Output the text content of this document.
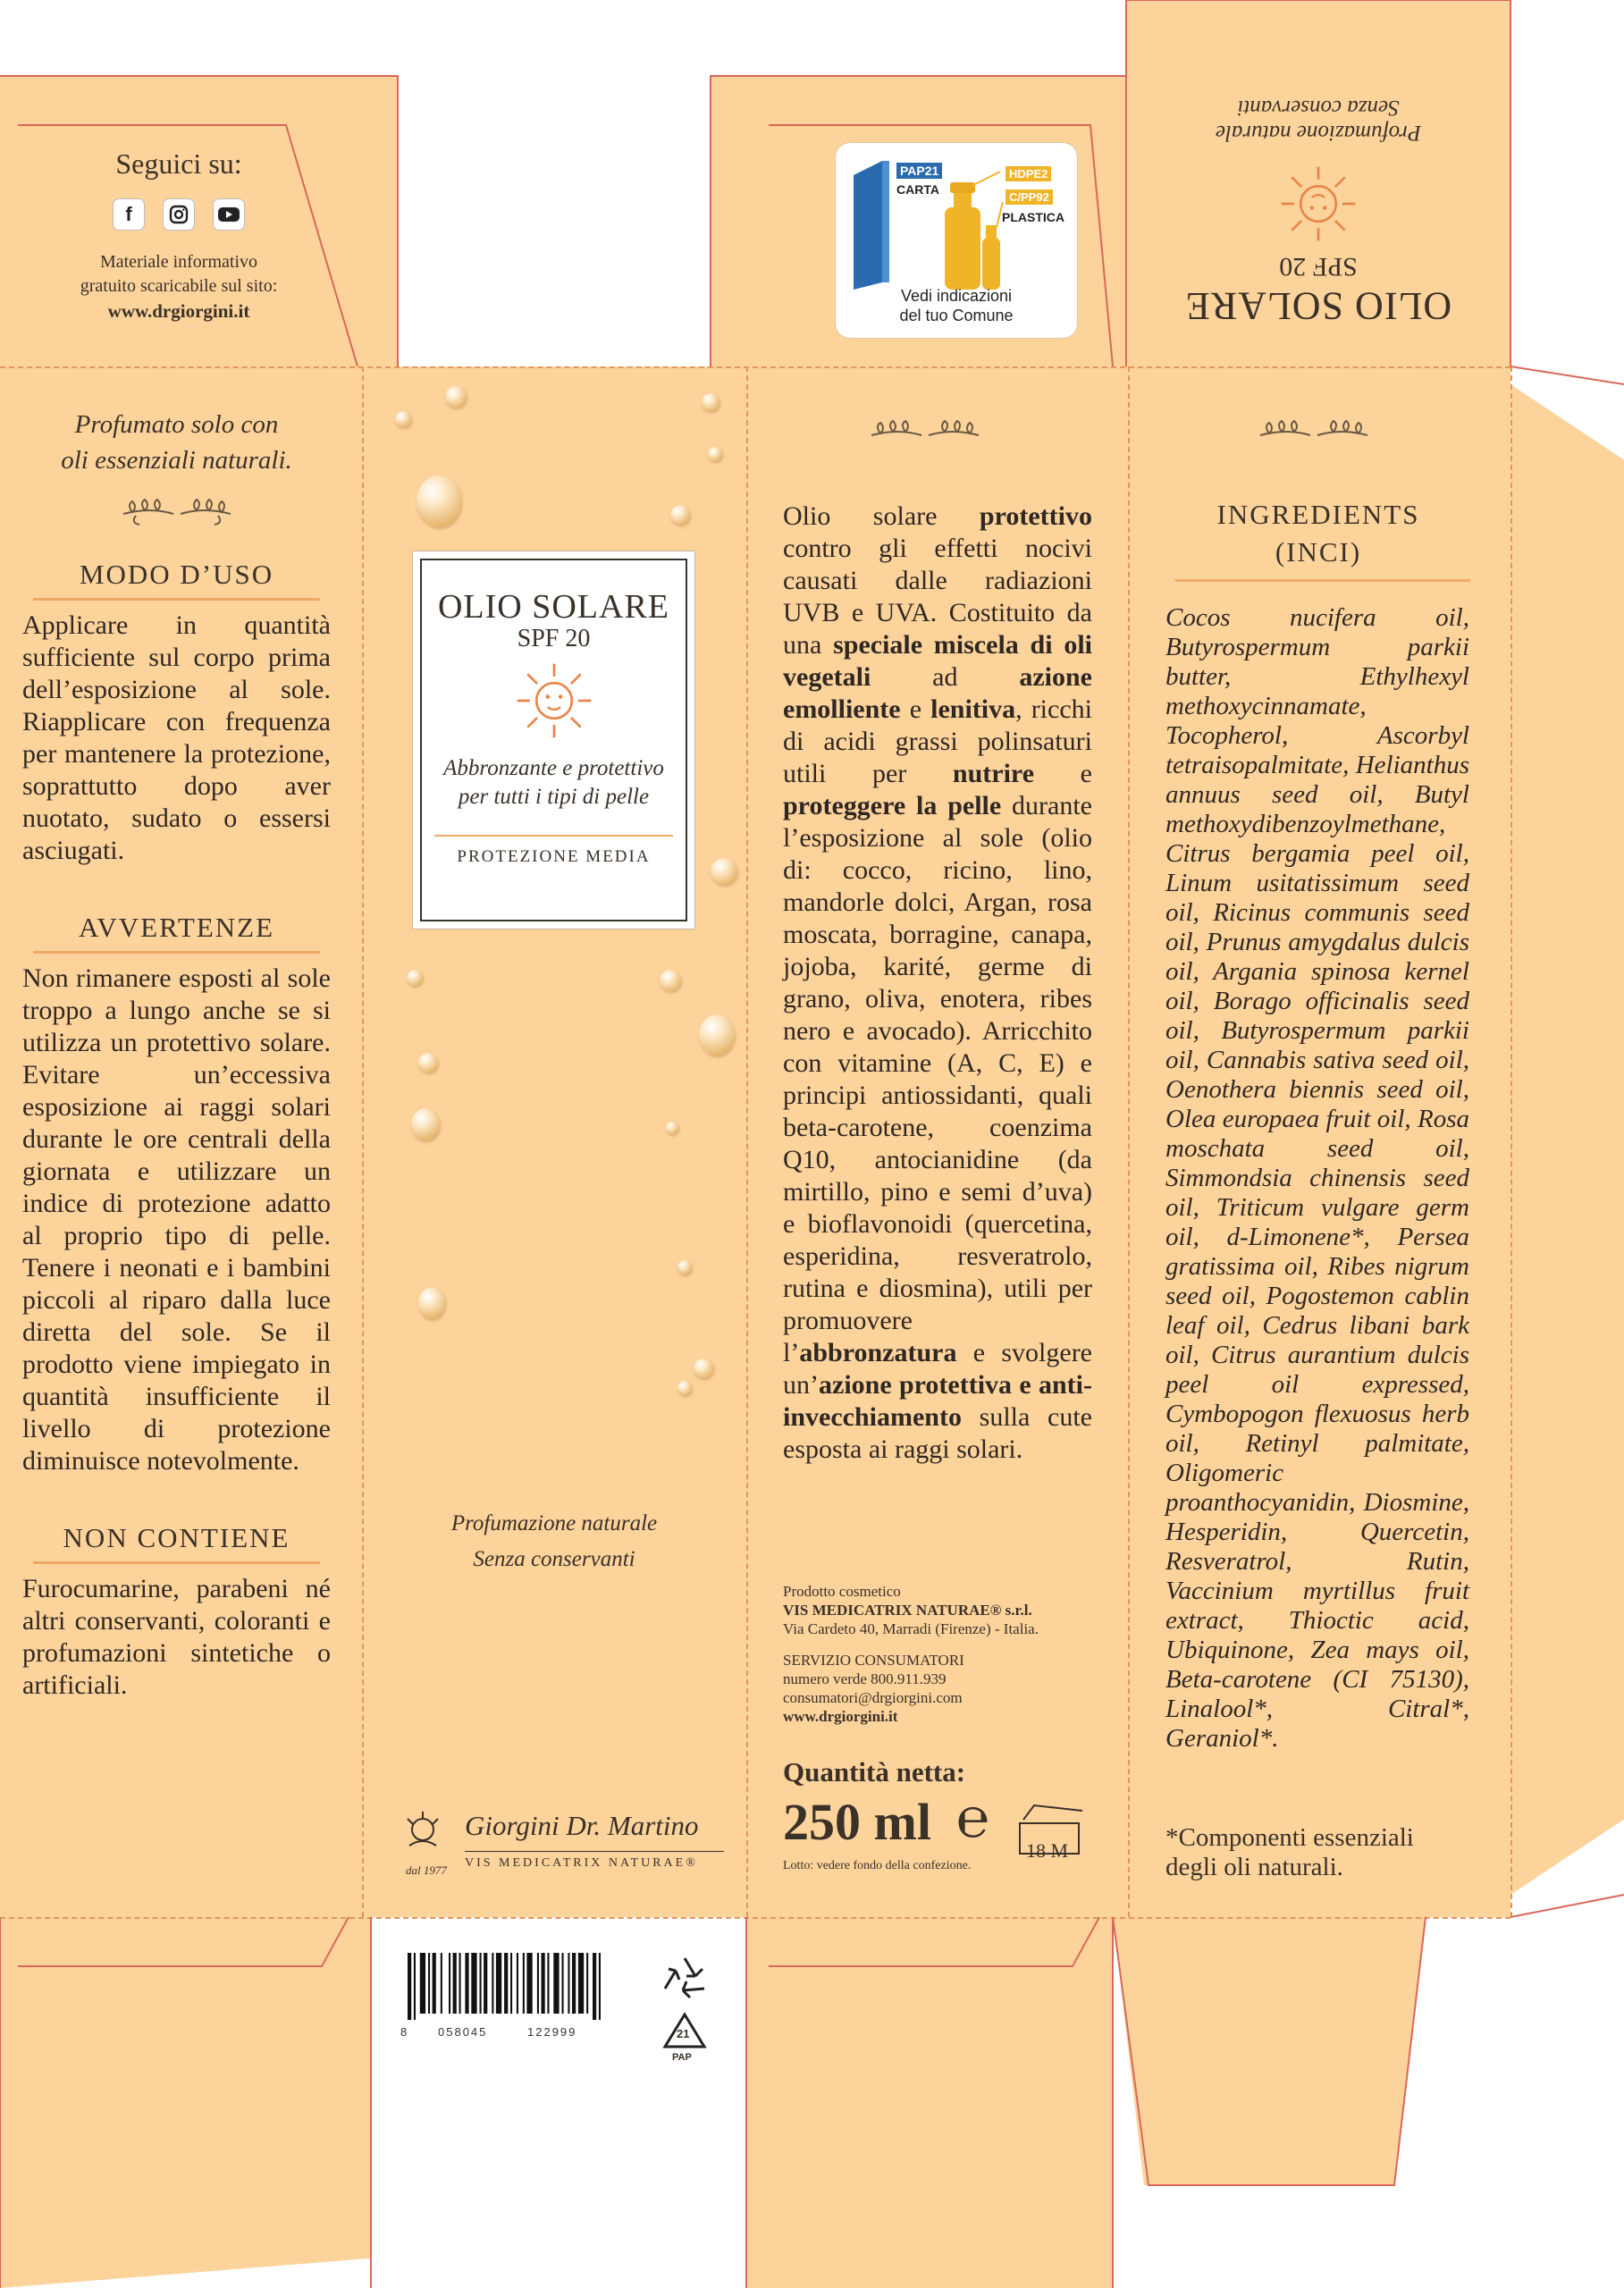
Seguici su:
f
Materiale informativo
gratuito scaricabile sul sito:
www.drgiorgini.it
PAP21
CARTA
HDPE2
C/PP92
PLASTICA
Vedi indicazioni
del tuo Comune	OLIO SOLARE
SPF 20
Profumazione naturale
Senza conservanti
Profumato solo con
oli essenziali naturali.
MODO D’USO
Applicare in quantità sufficiente sul corpo prima dell’esposizione al sole. Riapplicare con frequenza per mantenere la protezione, soprattutto dopo aver nuotato, sudato o essersi asciugati.
AVVERTENZE
Non rimanere esposti al sole troppo a lungo anche se si utilizza un protettivo solare. Evitare un’eccessiva esposizione ai raggi solari durante le ore centrali della giornata e utilizzare un indice di protezione adatto al proprio tipo di pelle. Tenere i neonati e i bambini piccoli al riparo dalla luce diretta del sole. Se il prodotto viene impiegato in quantità insufficiente il livello di protezione diminuisce notevolmente.
NON CONTIENE
Furocumarine, parabeni né altri conservanti, coloranti e profumazioni sintetiche o artificiali.
OLIO SOLARE
SPF 20
Abbronzante e protettivo
per tutti i tipi di pelle
PROTEZIONE MEDIA
Profumazione naturale
Senza conservanti
dal 1977
Giorgini Dr. Martino
VIS MEDICATRIX NATURAE®
Olio solare protettivo contro gli effetti nocivi causati dalle radiazioni UVB e UVA. Costituito da una speciale miscela di oli vegetali ad azione emolliente e lenitiva, ricchi di acidi grassi polinsaturi utili per nutrire e proteggere la pelle durante l’esposizione al sole (olio di: cocco, ricino, lino, mandorle dolci, Argan, rosa moscata, borragine, canapa, jojoba, karité, germe di grano, oliva, enotera, ribes nero e avocado). Arricchito con vitamine (A, C, E) e principi antiossidanti, quali beta-carotene, coenzima Q10, antocianidine (da mirtillo, pino e semi d’uva) e bioflavonoidi (quercetina, esperidina, resveratrolo, rutina e diosmina), utili per promuovere l’abbronzatura e svolgere un’azione protettiva e anti-invecchiamento sulla cute esposta ai raggi solari.
Prodotto cosmetico
VIS MEDICATRIX NATURAE® s.r.l.
Via Cardeto 40, Marradi (Firenze) - Italia.
SERVIZIO CONSUMATORI
numero verde 800.911.939
consumatori@drgiorgini.com
www.drgiorgini.it
Quantità netta:
250 ml ℮
18 M
Lotto: vedere fondo della confezione.
INGREDIENTS
(INCI)
Cocos nucifera oil, Butyrospermum parkii butter, Ethylhexyl methoxycinnamate, Tocopherol, Ascorbyl tetraisopalmitate, Helianthus annuus seed oil, Butyl methoxydibenzoylmethane, Citrus bergamia peel oil, Linum usitatissimum seed oil, Ricinus communis seed oil, Prunus amygdalus dulcis oil, Argania spinosa kernel oil, Borago officinalis seed oil, Butyrospermum parkii oil, Cannabis sativa seed oil, Oenothera biennis seed oil, Olea europaea fruit oil, Rosa moschata seed oil, Simmondsia chinensis seed oil, Triticum vulgare germ oil, d-Limonene*, Persea gratissima oil, Ribes nigrum seed oil, Pogostemon cablin leaf oil, Cedrus libani bark oil, Citrus aurantium dulcis peel oil expressed, Cymbopogon flexuosus herb oil, Retinyl palmitate, Oligomeric proanthocyanidin, Diosmine, Hesperidin, Quercetin, Resveratrol, Rutin, Vaccinium myrtillus fruit extract, Thioctic acid, Ubiquinone, Zea mays oil, Beta-carotene (CI 75130), Linalool*, Citral*, Geraniol*.
*Componenti essenziali degli oli naturali.
8	058045	122999	21
PAP
